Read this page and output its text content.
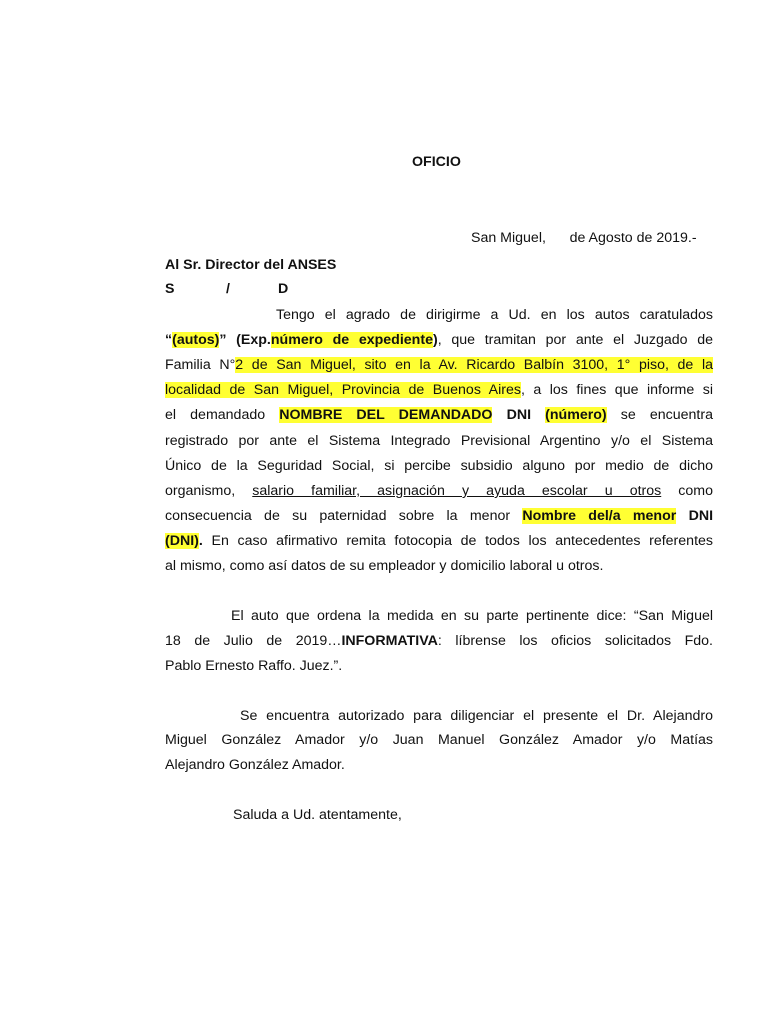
OFICIO
San Miguel,      de Agosto de 2019.-
Al Sr. Director del ANSES
S	/	D
Tengo el agrado de dirigirme a Ud. en los autos caratulados
“(autos)” (Exp.número de expediente), que tramitan por ante el Juzgado de
Familia N°2 de San Miguel, sito en la Av. Ricardo Balbín 3100, 1° piso, de la
localidad de San Miguel, Provincia de Buenos Aires, a los fines que informe si
el demandado NOMBRE DEL DEMANDADO DNI (número) se encuentra
registrado por ante el Sistema Integrado Previsional Argentino y/o el Sistema
Único de la Seguridad Social, si percibe subsidio alguno por medio de dicho
organismo, salario familiar, asignación y ayuda escolar u otros como
consecuencia de su paternidad sobre la menor Nombre del/a menor DNI
(DNI). En caso afirmativo remita fotocopia de todos los antecedentes referentes
al mismo, como así datos de su empleador y domicilio laboral u otros.
El auto que ordena la medida en su parte pertinente dice: “San Miguel
18 de Julio de 2019…INFORMATIVA: líbrense los oficios solicitados Fdo.
Pablo Ernesto Raffo. Juez.”.
Se encuentra autorizado para diligenciar el presente el Dr. Alejandro
Miguel González Amador y/o Juan Manuel González Amador y/o Matías
Alejandro González Amador.
Saluda a Ud. atentamente,
